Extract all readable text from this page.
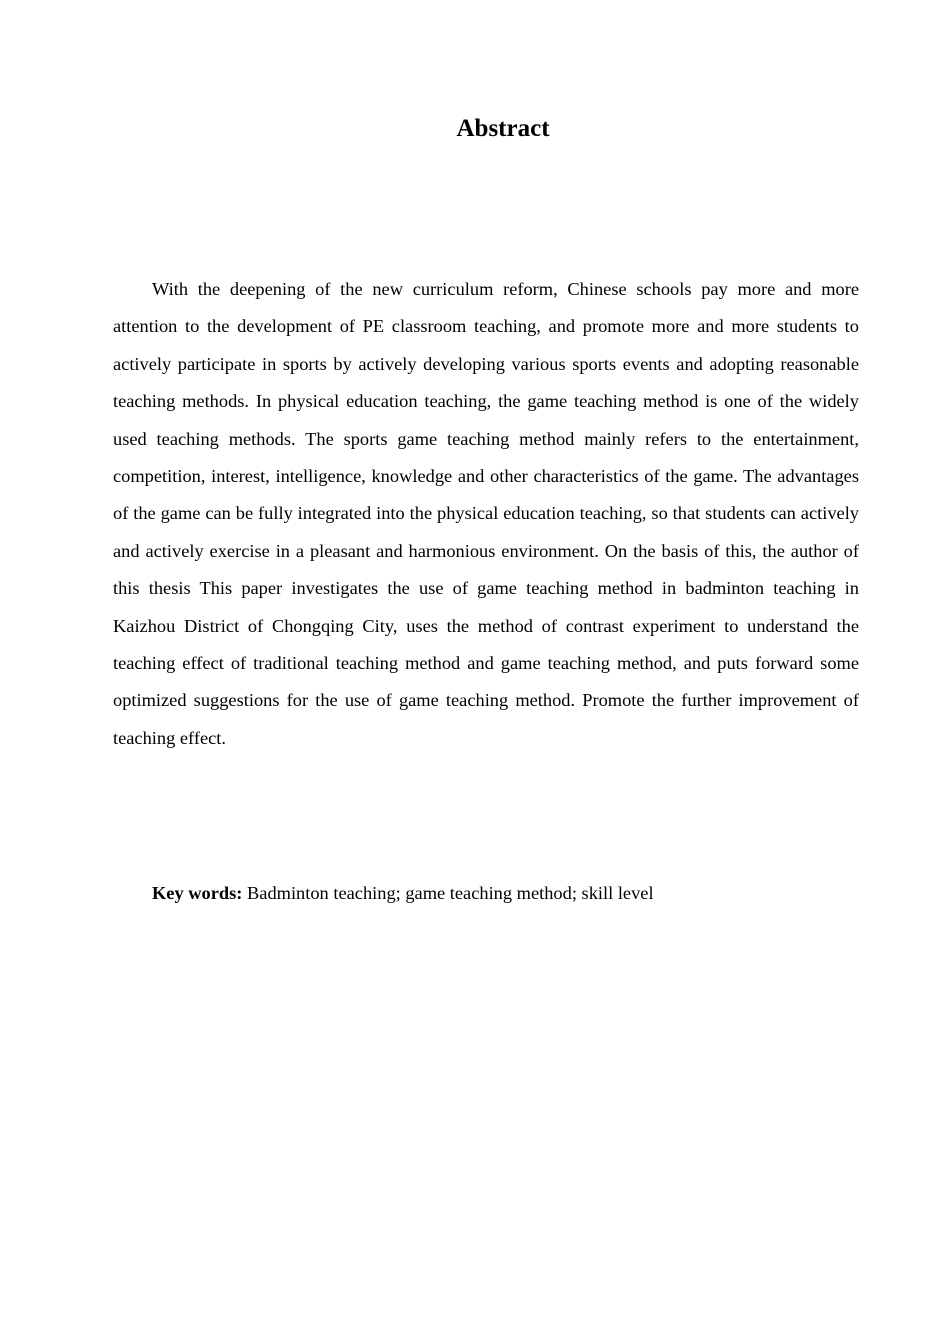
Abstract

With the deepening of the new curriculum reform, Chinese schools pay more and more attention to the development of PE classroom teaching, and promote more and more students to actively participate in sports by actively developing various sports events and adopting reasonable teaching methods. In physical education teaching, the game teaching method is one of the widely used teaching methods. The sports game teaching method mainly refers to the entertainment, competition, interest, intelligence, knowledge and other characteristics of the game. The advantages of the game can be fully integrated into the physical education teaching, so that students can actively and actively exercise in a pleasant and harmonious environment. On the basis of this, the author of this thesis This paper investigates the use of game teaching method in badminton teaching in Kaizhou District of Chongqing City, uses the method of contrast experiment to understand the teaching effect of traditional teaching method and game teaching method, and puts forward some optimized suggestions for the use of game teaching method. Promote the further improvement of teaching effect.

Key words: Badminton teaching; game teaching method; skill level
